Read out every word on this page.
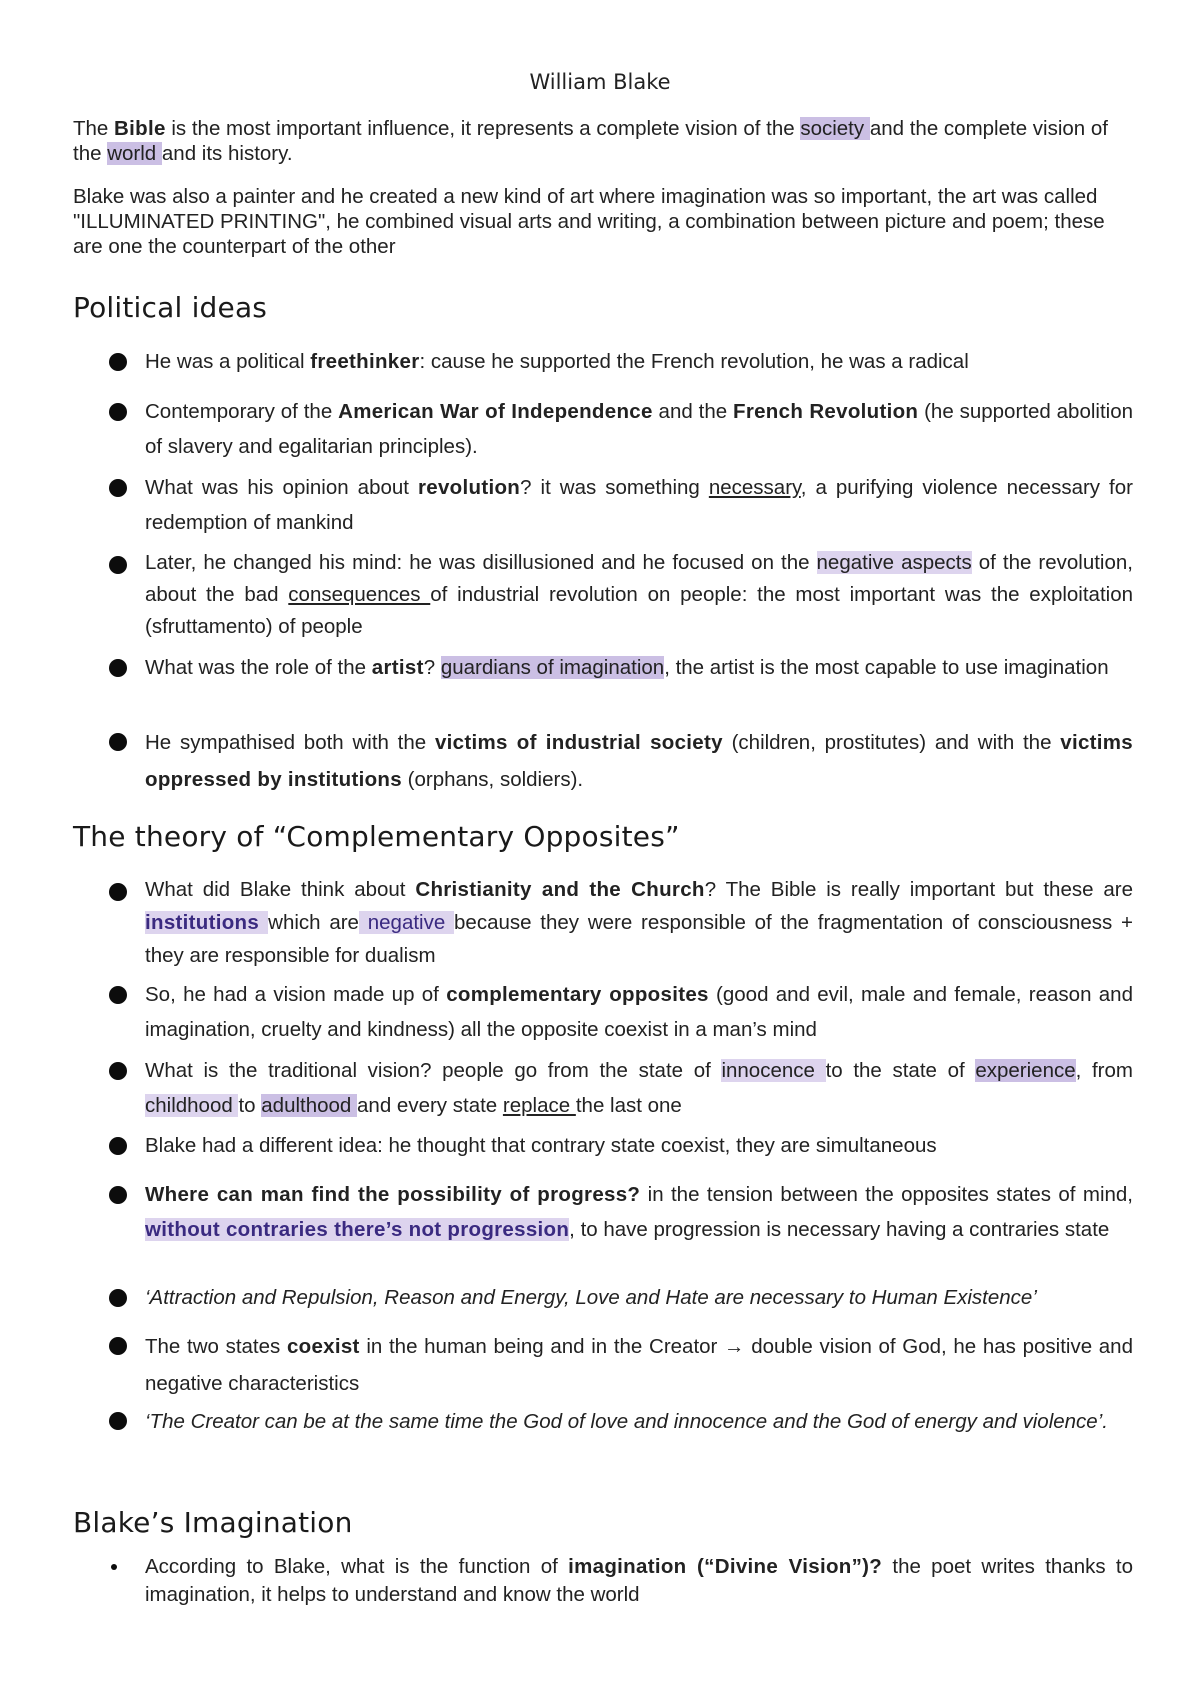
William Blake
The Bible is the most important influence, it represents a complete vision of the society and the complete vision of the world and its history.
Blake was also a painter and he created a new kind of art where imagination was so important, the art was called "ILLUMINATED PRINTING", he combined visual arts and writing, a combination between picture and poem; these are one the counterpart of the other
Political ideas
He was a political freethinker: cause he supported the French revolution, he was a radical
Contemporary of the American War of Independence and the French Revolution (he supported abolition of slavery and egalitarian principles).
What was his opinion about revolution? it was something necessary, a purifying violence necessary for redemption of mankind
Later, he changed his mind: he was disillusioned and he focused on the negative aspects of the revolution, about the bad consequences of industrial revolution on people: the most important was the exploitation (sfruttamento) of people
What was the role of the artist? guardians of imagination, the artist is the most capable to use imagination
He sympathised both with the victims of industrial society (children, prostitutes) and with the victims oppressed by institutions (orphans, soldiers).
The theory of “Complementary Opposites”
What did Blake think about Christianity and the Church? The Bible is really important but these are institutions which are negative because they were responsible of the fragmentation of consciousness + they are responsible for dualism
So, he had a vision made up of complementary opposites (good and evil, male and female, reason and imagination, cruelty and kindness) all the opposite coexist in a man’s mind
What is the traditional vision? people go from the state of innocence to the state of experience, from childhood to adulthood and every state replace the last one
Blake had a different idea: he thought that contrary state coexist, they are simultaneous
Where can man find the possibility of progress? in the tension between the opposites states of mind, without contraries there’s not progression, to have progression is necessary having a contraries state
‘Attraction and Repulsion, Reason and Energy, Love and Hate are necessary to Human Existence’
The two states coexist in the human being and in the Creator → double vision of God, he has positive and negative characteristics
‘The Creator can be at the same time the God of love and innocence and the God of energy and violence’.
Blake’s Imagination
According to Blake, what is the function of imagination (“Divine Vision”)? the poet writes thanks to imagination, it helps to understand and know the world
